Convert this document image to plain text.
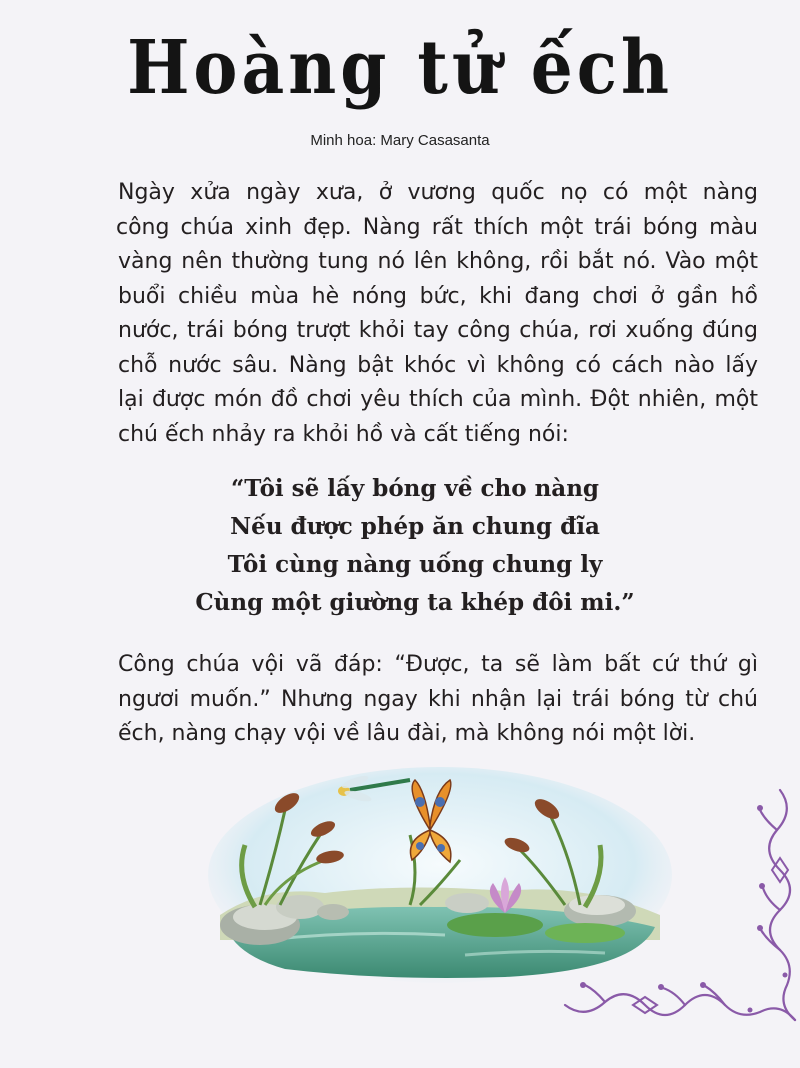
Hoàng tử ếch
Minh hoa: Mary Casasanta
Ngày xửa ngày xưa, ở vương quốc nọ có một nàng
công chúa xinh đẹp. Nàng rất thích một trái bóng màu
vàng nên thường tung nó lên không, rồi bắt nó. Vào một
buổi chiều mùa hè nóng bức, khi đang chơi ở gần hồ
nước, trái bóng trượt khỏi tay công chúa, rơi xuống đúng
chỗ nước sâu. Nàng bật khóc vì không có cách nào lấy
lại được món đồ chơi yêu thích của mình. Đột nhiên, một
chú ếch nhảy ra khỏi hồ và cất tiếng nói:
“Tôi sẽ lấy bóng về cho nàng
Nếu được phép ăn chung đĩa
Tôi cùng nàng uống chung ly
Cùng một giường ta khép đôi mi.”
Công chúa vội vã đáp: “Được, ta sẽ làm bất cứ thứ gì
ngươi muốn.” Nhưng ngay khi nhận lại trái bóng từ chú
ếch, nàng chạy vội về lâu đài, mà không nói một lời.
